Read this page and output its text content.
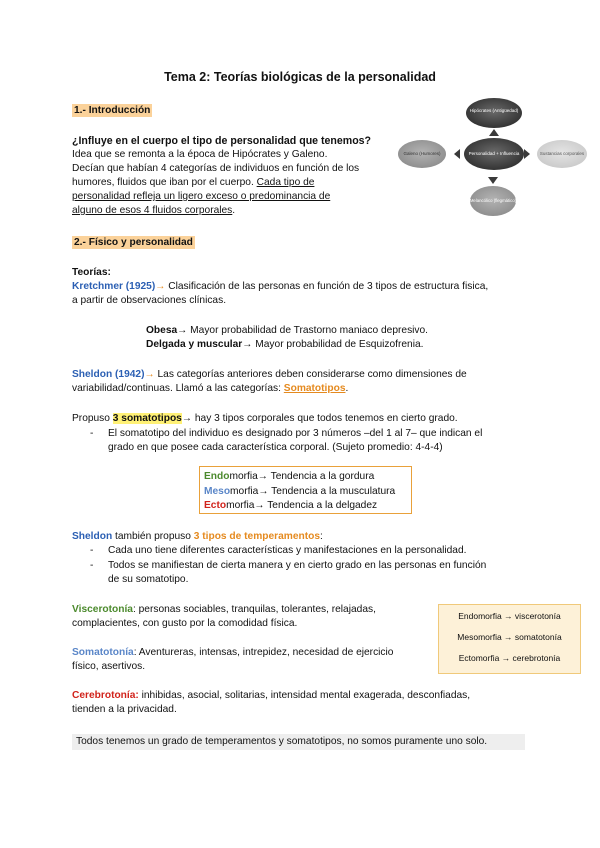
Tema 2: Teorías biológicas de la personalidad
1.- Introducción
¿Influye en el cuerpo el tipo de personalidad que tenemos?
Idea que se remonta a la época de Hipócrates y Galeno.
Decían que habían 4 categorías de individuos en función de los
humores, fluidos que iban por el cuerpo. Cada tipo de
personalidad refleja un ligero exceso o predominancia de
alguno de esos 4 fluidos corporales.
Hipócrates (Antigüedad)
Galeno (Humores)	Personalidad + Influencia	Sustancias corporales
Melancólico (flegmático)
2.- Físico y personalidad
Teorías:
Kretchmer (1925)→ Clasificación de las personas en función de 3 tipos de estructura fisica,
a partir de observaciones clínicas.
Obesa→ Mayor probabilidad de Trastorno maniaco depresivo.
Delgada y muscular→ Mayor probabilidad de Esquizofrenia.
Sheldon (1942)→ Las categorías anteriores deben considerarse como dimensiones de
variabilidad/continuas. Llamó a las categorías: Somatotipos.
Propuso 3 somatotipos→ hay 3 tipos corporales que todos tenemos en cierto grado.
- El somatotipo del individuo es designado por 3 números –del 1 al 7– que indican el
grado en que posee cada característica corporal. (Sujeto promedio: 4-4-4)
Endomorfia→ Tendencia a la gordura
Mesomorfia→ Tendencia a la musculatura
Ectomorfia→ Tendencia a la delgadez
Sheldon también propuso 3 tipos de temperamentos:
- Cada uno tiene diferentes características y manifestaciones en la personalidad.
- Todos se manifiestan de cierta manera y en cierto grado en las personas en función
de su somatotipo.
Viscerotonía: personas sociables, tranquilas, tolerantes, relajadas,
complacientes, con gusto por la comodidad física.
Somatotonía: Aventureras, intensas, intrepidez, necesidad de ejercicio
físico, asertivos.
Endomorfia → viscerotonía
Mesomorfia → somatotonía
Ectomorfia → cerebrotonía
Cerebrotonía: inhibidas, asocial, solitarias, intensidad mental exagerada, desconfiadas,
tienden a la privacidad.
Todos tenemos un grado de temperamentos y somatotipos, no somos puramente uno solo.
